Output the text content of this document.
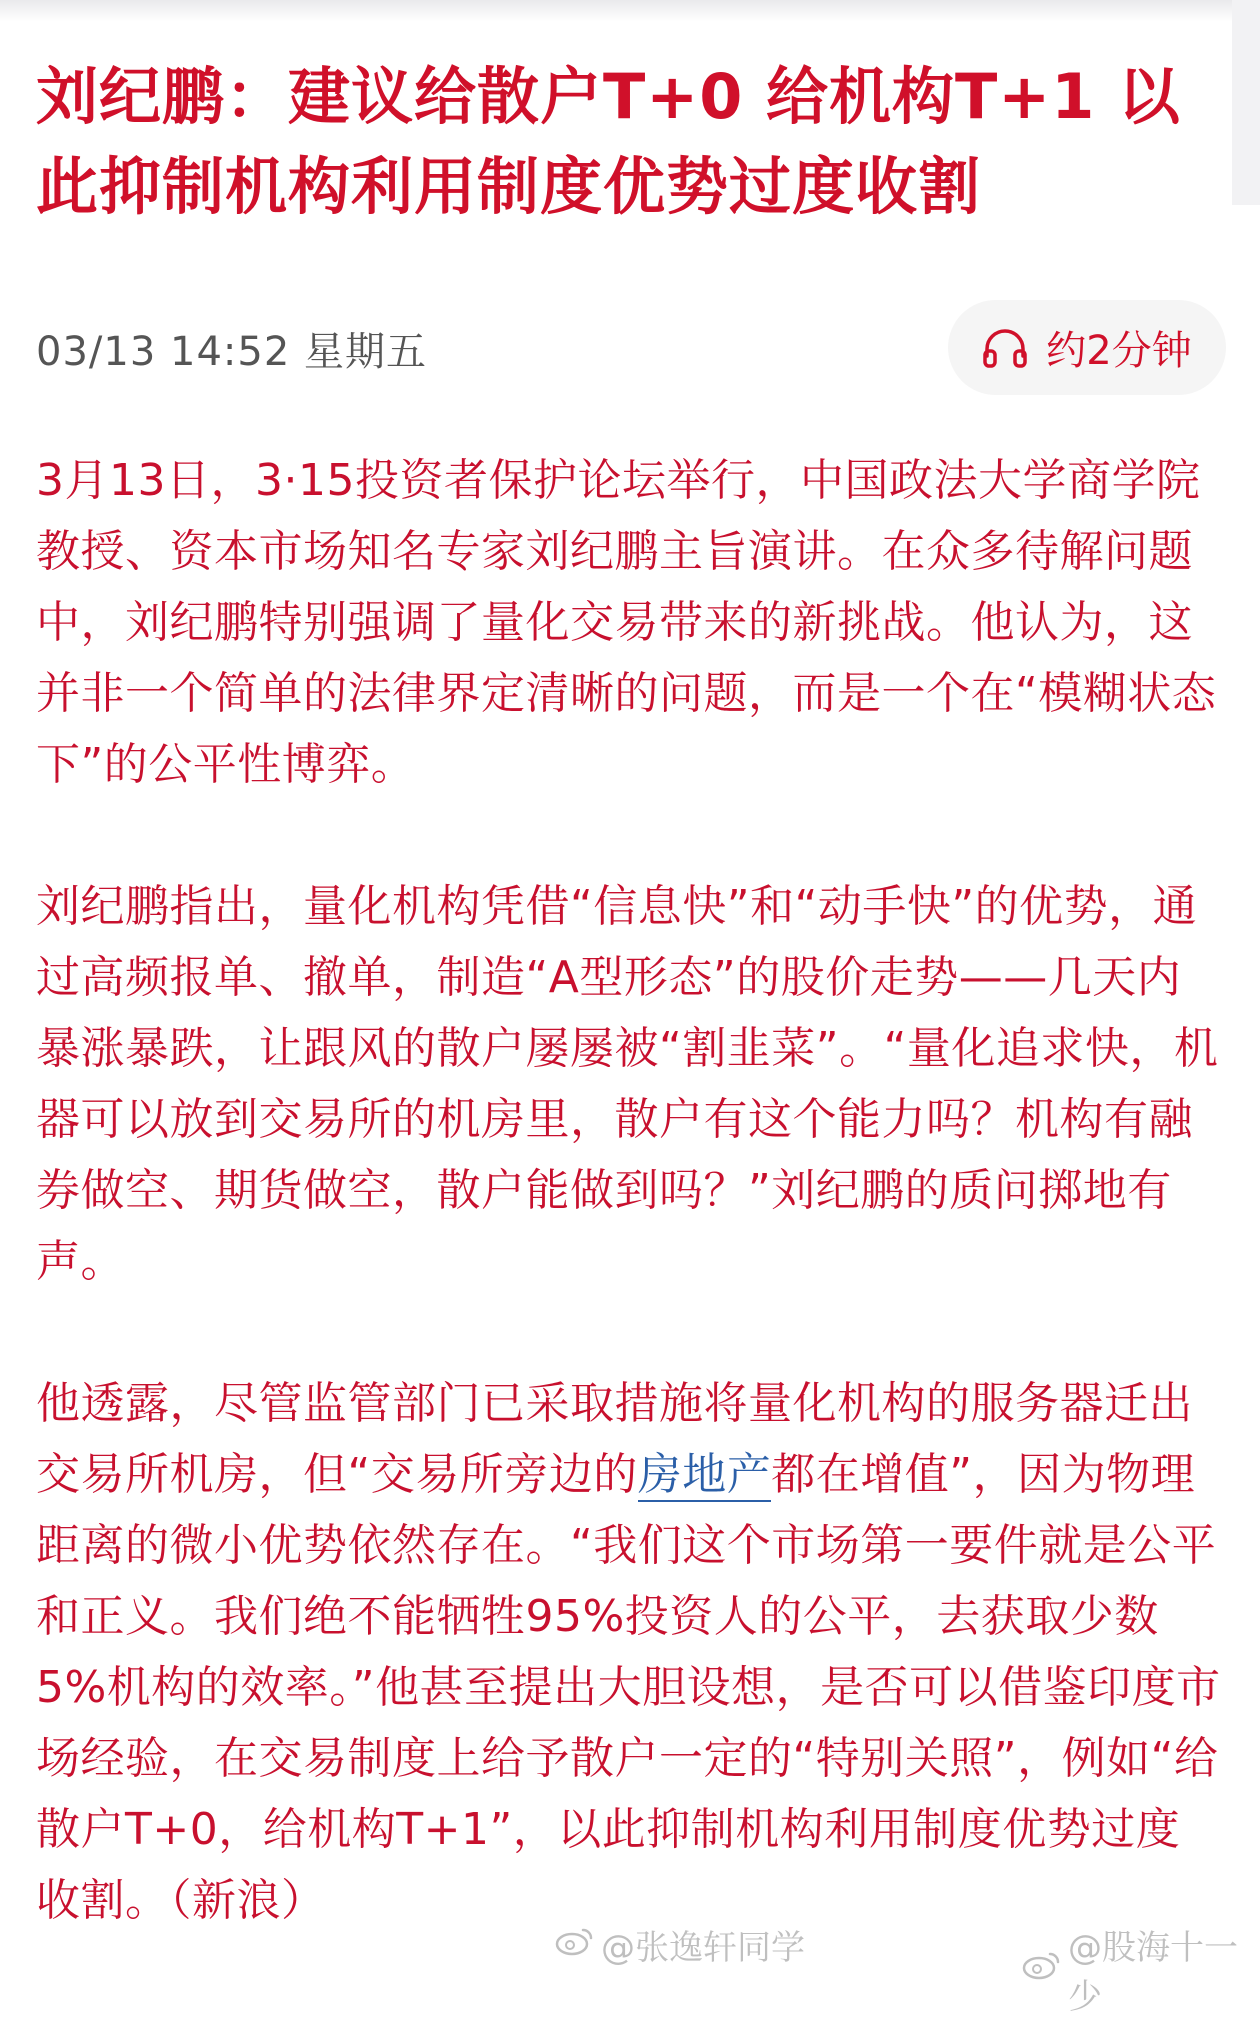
刘纪鹏：建议给散户T+0 给机构T+1 以此抑制机构利用制度优势过度收割
03/13 14:52 星期五	约2分钟

3月13日，3·15投资者保护论坛举行，中国政法大学商学院教授、资本市场知名专家刘纪鹏主旨演讲。在众多待解问题中，刘纪鹏特别强调了量化交易带来的新挑战。他认为，这并非一个简单的法律界定清晰的问题，而是一个在“模糊状态下”的公平性博弈。

刘纪鹏指出，量化机构凭借“信息快”和“动手快”的优势，通过高频报单、撤单，制造“A型形态”的股价走势——几天内暴涨暴跌，让跟风的散户屡屡被“割韭菜”。“量化追求快，机器可以放到交易所的机房里，散户有这个能力吗？机构有融券做空、期货做空，散户能做到吗？”刘纪鹏的质问掷地有声。

他透露，尽管监管部门已采取措施将量化机构的服务器迁出交易所机房，但“交易所旁边的房地产都在增值”，因为物理距离的微小优势依然存在。“我们这个市场第一要件就是公平和正义。我们绝不能牺牲95%投资人的公平，去获取少数5%机构的效率。”他甚至提出大胆设想，是否可以借鉴印度市场经验，在交易制度上给予散户一定的“特别关照”，例如“给散户T+0，给机构T+1”，以此抑制机构利用制度优势过度收割。（新浪）

@张逸轩同学	@股海十一少
